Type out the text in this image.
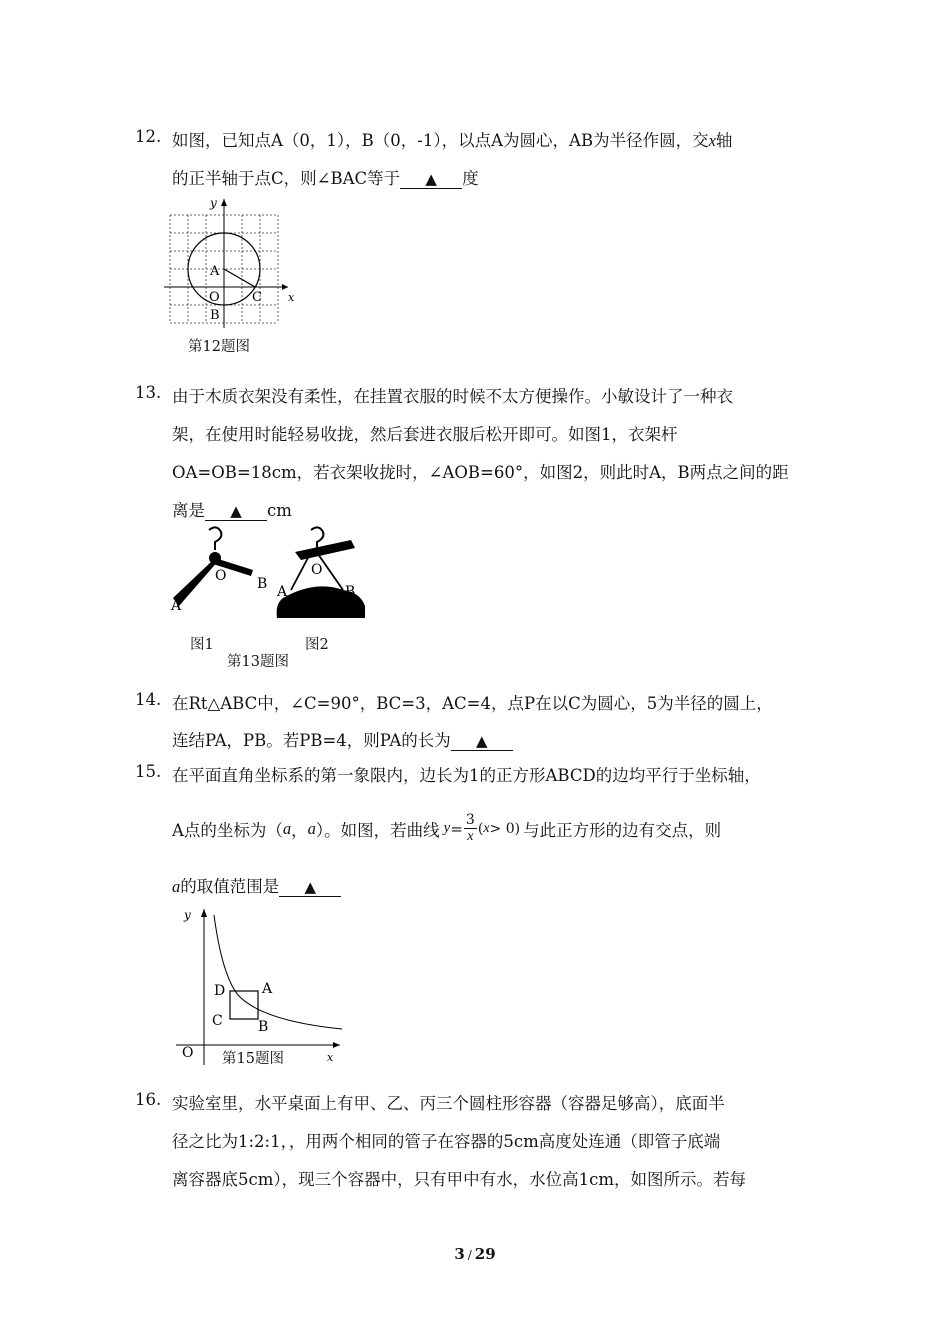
12. 如图，已知点A（0，1），B（0，-1），以点A为圆心，AB为半径作圆，交x轴
的正半轴于点C，则∠BAC等于 ▲ 度
y
x
A
O
B
C
第12题图
13. 由于木质衣架没有柔性，在挂置衣服的时候不太方便操作。小敏设计了一种衣
架，在使用时能轻易收拢，然后套进衣服后松开即可。如图1，衣架杆
OA=OB=18cm，若衣架收拢时，∠AOB=60°，如图2，则此时A，B两点之间的距
离是 ▲ cm
O
A
B
O
A	B
图1	图2
第13题图
14. 在Rt△ABC中，∠C=90°，BC=3，AC=4，点P在以C为圆心，5为半径的圆上，
连结PA，PB。若PB=4，则PA的长为 ▲
15. 在平面直角坐标系的第一象限内，边长为1的正方形ABCD的边均平行于坐标轴，
A点的坐标为（ a ， a ）。如图，若曲线 $y = \frac{3}{x}$ ( x > 0) 与此正方形的边有交点，则
a的取值范围是 ▲
y
x
D	A
C	B
O 第15题图
16. 实验室里，水平桌面上有甲、乙、丙三个圆柱形容器（容器足够高），底面半
径之比为1:2:1，，用两个相同的管子在容器的5cm高度处连通（即管子底端
离容器底5cm），现三个容器中，只有甲中有水，水位高1cm，如图所示。若每
3 / 29
